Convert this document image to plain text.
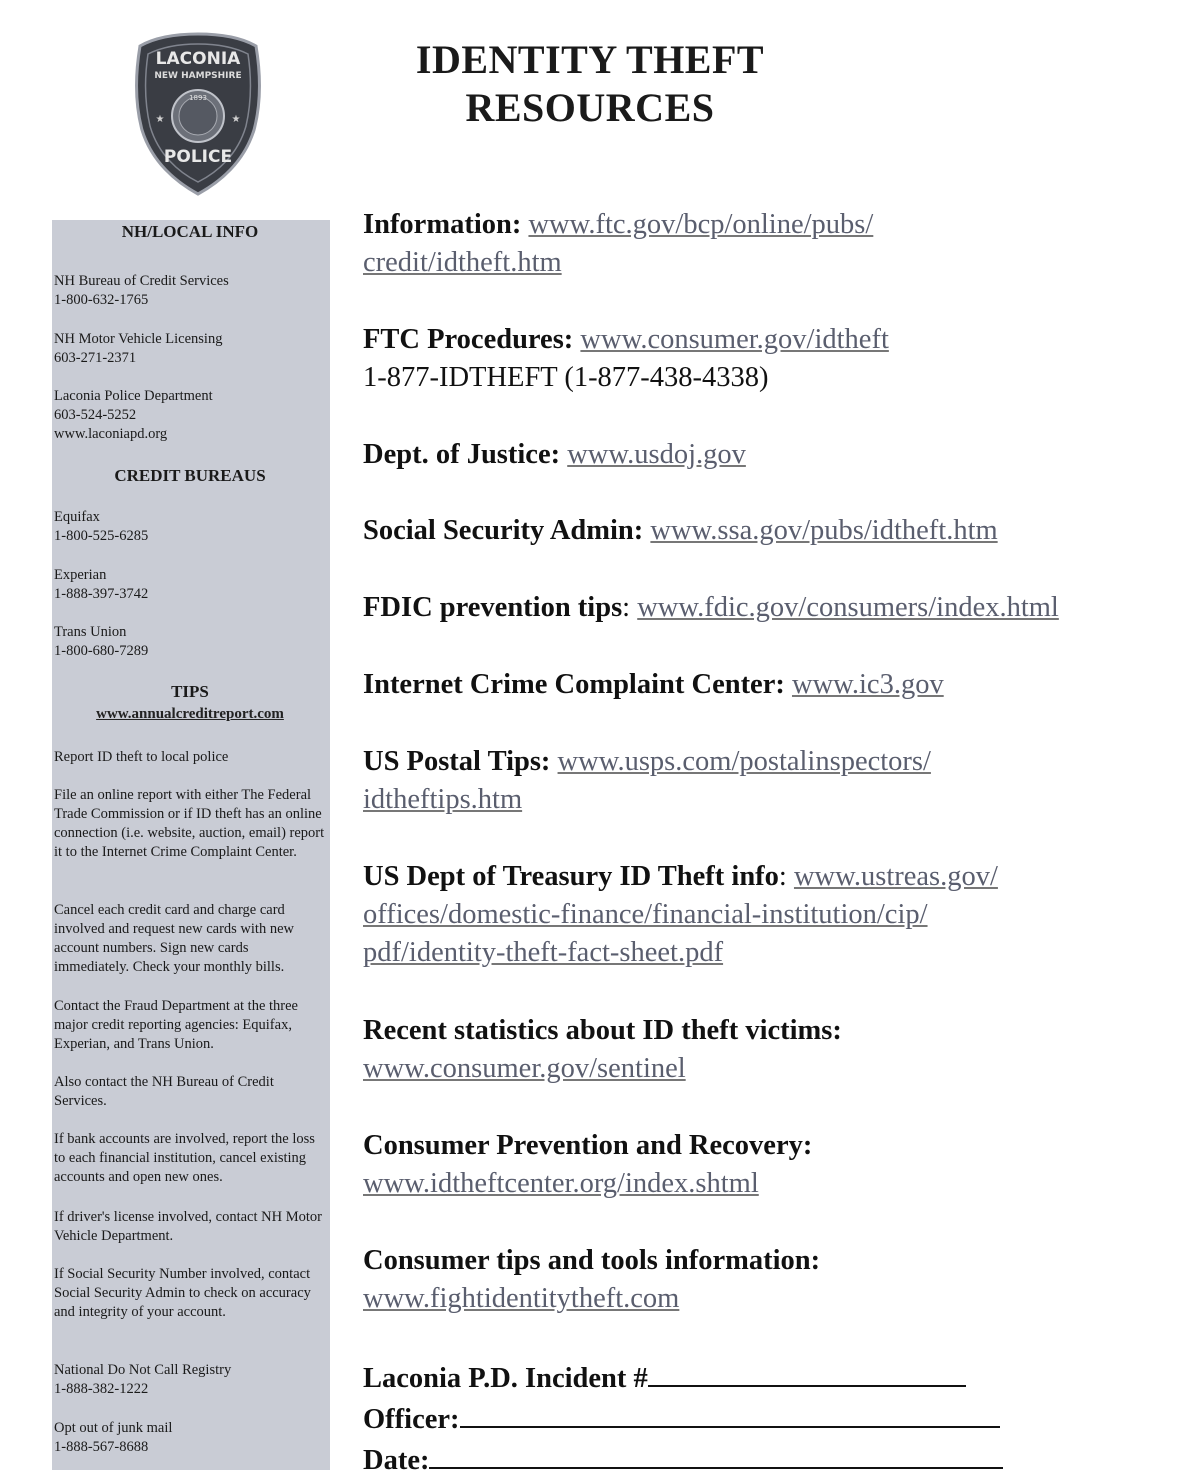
LACONIA
NEW HAMPSHIRE
1893
★	★
POLICE
IDENTITY THEFT
RESOURCES

NH/LOCAL INFO

NH Bureau of Credit Services
1-800-632-1765

NH Motor Vehicle Licensing
603-271-2371

Laconia Police Department
603-524-5252
www.laconiapd.org

CREDIT BUREAUS

Equifax
1-800-525-6285

Experian
1-888-397-3742

Trans Union
1-800-680-7289

TIPS

www.annualcreditreport.com

Report ID theft to local police

File an online report with either The Federal Trade Commission or if ID theft has an online connection (i.e. website, auction, email) report it to the Internet Crime Complaint Center.

Cancel each credit card and charge card involved and request new cards with new account numbers. Sign new cards immediately. Check your monthly bills.

Contact the Fraud Department at the three major credit reporting agencies: Equifax, Experian, and Trans Union.

Also contact the NH Bureau of Credit Services.

If bank accounts are involved, report the loss to each financial institution, cancel existing accounts and open new ones.

If driver's license involved, contact NH Motor Vehicle Department.

If Social Security Number involved, contact Social Security Admin to check on accuracy and integrity of your account.

National Do Not Call Registry
1-888-382-1222

Opt out of junk mail
1-888-567-8688

Information: www.ftc.gov/bcp/online/pubs/
credit/idtheft.htm
FTC Procedures: www.consumer.gov/idtheft
1-877-IDTHEFT (1-877-438-4338)
Dept. of Justice: www.usdoj.gov
Social Security Admin: www.ssa.gov/pubs/idtheft.htm
FDIC prevention tips: www.fdic.gov/consumers/index.html
Internet Crime Complaint Center: www.ic3.gov
US Postal Tips: www.usps.com/postalinspectors/
idtheftips.htm
US Dept of Treasury ID Theft info: www.ustreas.gov/
offices/domestic-finance/financial-institution/cip/
pdf/identity-theft-fact-sheet.pdf
Recent statistics about ID theft victims:
www.consumer.gov/sentinel
Consumer Prevention and Recovery:
www.idtheftcenter.org/index.shtml
Consumer tips and tools information:
www.fightidentitytheft.com
Laconia P.D. Incident #
Officer:
Date:
